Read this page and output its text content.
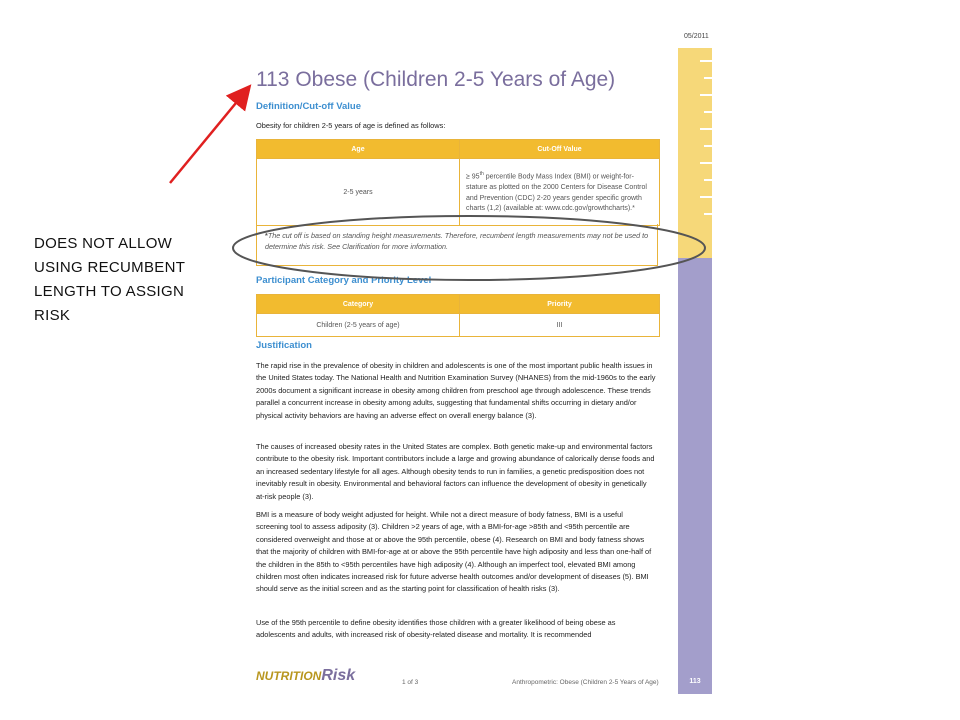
DOES NOT ALLOW
USING RECUMBENT
LENGTH TO ASSIGN
RISK
05/2011
113 Obese (Children 2-5 Years of Age)
Definition/Cut-off Value
Obesity for children 2-5 years of age is defined as follows:
Age	Cut-Off Value
2-5 years	≥ 95th percentile Body Mass Index (BMI) or weight-for-stature as plotted on the 2000 Centers for Disease Control and Prevention (CDC) 2-20 years gender specific growth charts (1,2) (available at: www.cdc.gov/growthcharts).*
*The cut off is based on standing height measurements. Therefore, recumbent length measurements may not be used to determine this risk. See Clarification for more information.
Participant Category and Priority Level
Category	Priority
Children (2-5 years of age)	III
Justification
The rapid rise in the prevalence of obesity in children and adolescents is one of the most important public health issues in the United States today. The National Health and Nutrition Examination Survey (NHANES) from the mid-1960s to the early 2000s document a significant increase in obesity among children from preschool age through adolescence. These trends parallel a concurrent increase in obesity among adults, suggesting that fundamental shifts occurring in dietary and/or physical activity behaviors are having an adverse effect on overall energy balance (3).
The causes of increased obesity rates in the United States are complex. Both genetic make-up and environmental factors contribute to the obesity risk. Important contributors include a large and growing abundance of calorically dense foods and an increased sedentary lifestyle for all ages. Although obesity tends to run in families, a genetic predisposition does not inevitably result in obesity. Environmental and behavioral factors can influence the development of obesity in genetically at-risk people (3).
BMI is a measure of body weight adjusted for height. While not a direct measure of body fatness, BMI is a useful screening tool to assess adiposity (3). Children >2 years of age, with a BMI-for-age >85th and <95th percentile are considered overweight and those at or above the 95th percentile, obese (4). Research on BMI and body fatness shows that the majority of children with BMI-for-age at or above the 95th percentile have high adiposity and less than one-half of the children in the 85th to <95th percentiles have high adiposity (4). Although an imperfect tool, elevated BMI among children most often indicates increased risk for future adverse health outcomes and/or development of diseases (5). BMI should serve as the initial screen and as the starting point for classification of health risks (3).
Use of the 95th percentile to define obesity identifies those children with a greater likelihood of being obese as adolescents and adults, with increased risk of obesity-related disease and mortality. It is recommended
NUTRITIONRisk	1 of 3	Anthropometric: Obese (Children 2-5 Years of Age)	113
